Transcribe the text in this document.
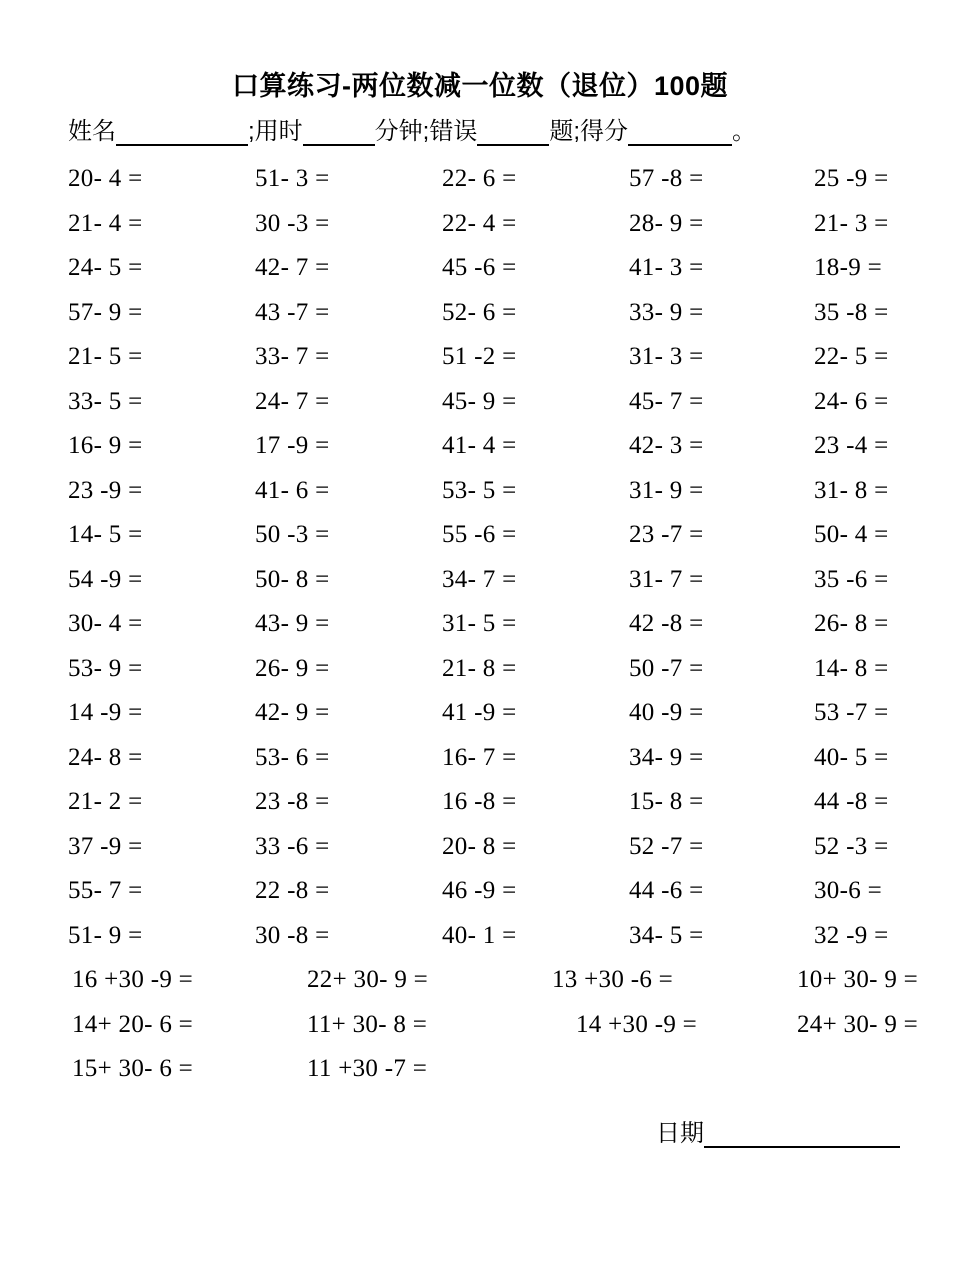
口算练习-两位数减一位数（退位）100题
姓名	;用时	分钟;错误	题;得分	。
20- 4 =	51- 3 =	22- 6 =	57 -8 =	25 -9 =
21- 4 =	30 -3 =	22- 4 =	28- 9 =	21- 3 =
24- 5 =	42- 7 =	45 -6 =	41- 3 =	18-9 =
57- 9 =	43 -7 =	52- 6 =	33- 9 =	35 -8 =
21- 5 =	33- 7 =	51 -2 =	31- 3 =	22- 5 =
33- 5 =	24- 7 =	45- 9 =	45- 7 =	24- 6 =
16- 9 =	17 -9 =	41- 4 =	42- 3 =	23 -4 =
23 -9 =	41- 6 =	53- 5 =	31- 9 =	31- 8 =
14- 5 =	50 -3 =	55 -6 =	23 -7 =	50- 4 =
54 -9 =	50- 8 =	34- 7 =	31- 7 =	35 -6 =
30- 4 =	43- 9 =	31- 5 =	42 -8 =	26- 8 =
53- 9 =	26- 9 =	21- 8 =	50 -7 =	14- 8 =
14 -9 =	42- 9 =	41 -9 =	40 -9 =	53 -7 =
24- 8 =	53- 6 =	16- 7 =	34- 9 =	40- 5 =
21- 2 =	23 -8 =	16 -8 =	15- 8 =	44 -8 =
37 -9 =	33 -6 =	20- 8 =	52 -7 =	52 -3 =
55- 7 =	22 -8 =	46 -9 =	44 -6 =	30-6 =
51- 9 =	30 -8 =	40- 1 =	34- 5 =	32 -9 =
16 +30 -9 =	22+ 30- 9 =	13 +30 -6 =	10+ 30- 9 =
14+ 20- 6 =	11+ 30- 8 =	14 +30 -9 =	24+ 30- 9 =
15+ 30- 6 =	11 +30 -7 =
日期
